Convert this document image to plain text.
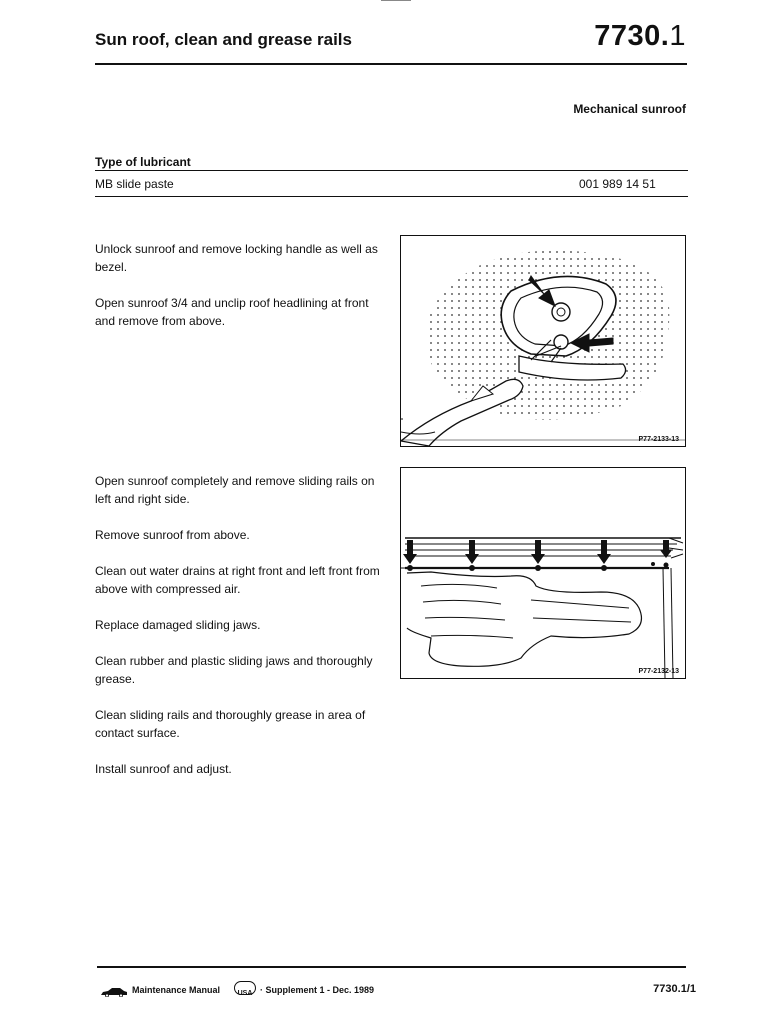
Sun roof, clean and grease rails	7730.1
Mechanical sunroof
Type of lubricant
MB slide paste	001 989 14 51
Unlock sunroof and remove locking handle as well as bezel.
Open sunroof 3/4 and unclip roof headlining at front and remove from above.
Open sunroof completely and remove sliding rails on left and right side.
Remove sunroof from above.
Clean out water drains at right front and left front from above with compressed air.
Replace damaged sliding jaws.
Clean rubber and plastic sliding jaws and thoroughly grease.
Clean sliding rails and thoroughly grease in area of contact surface.
Install sunroof and adjust.
P77-2133-13
P77-2132-13
Maintenance Manual	USA · Supplement 1 - Dec. 1989	7730.1/1
